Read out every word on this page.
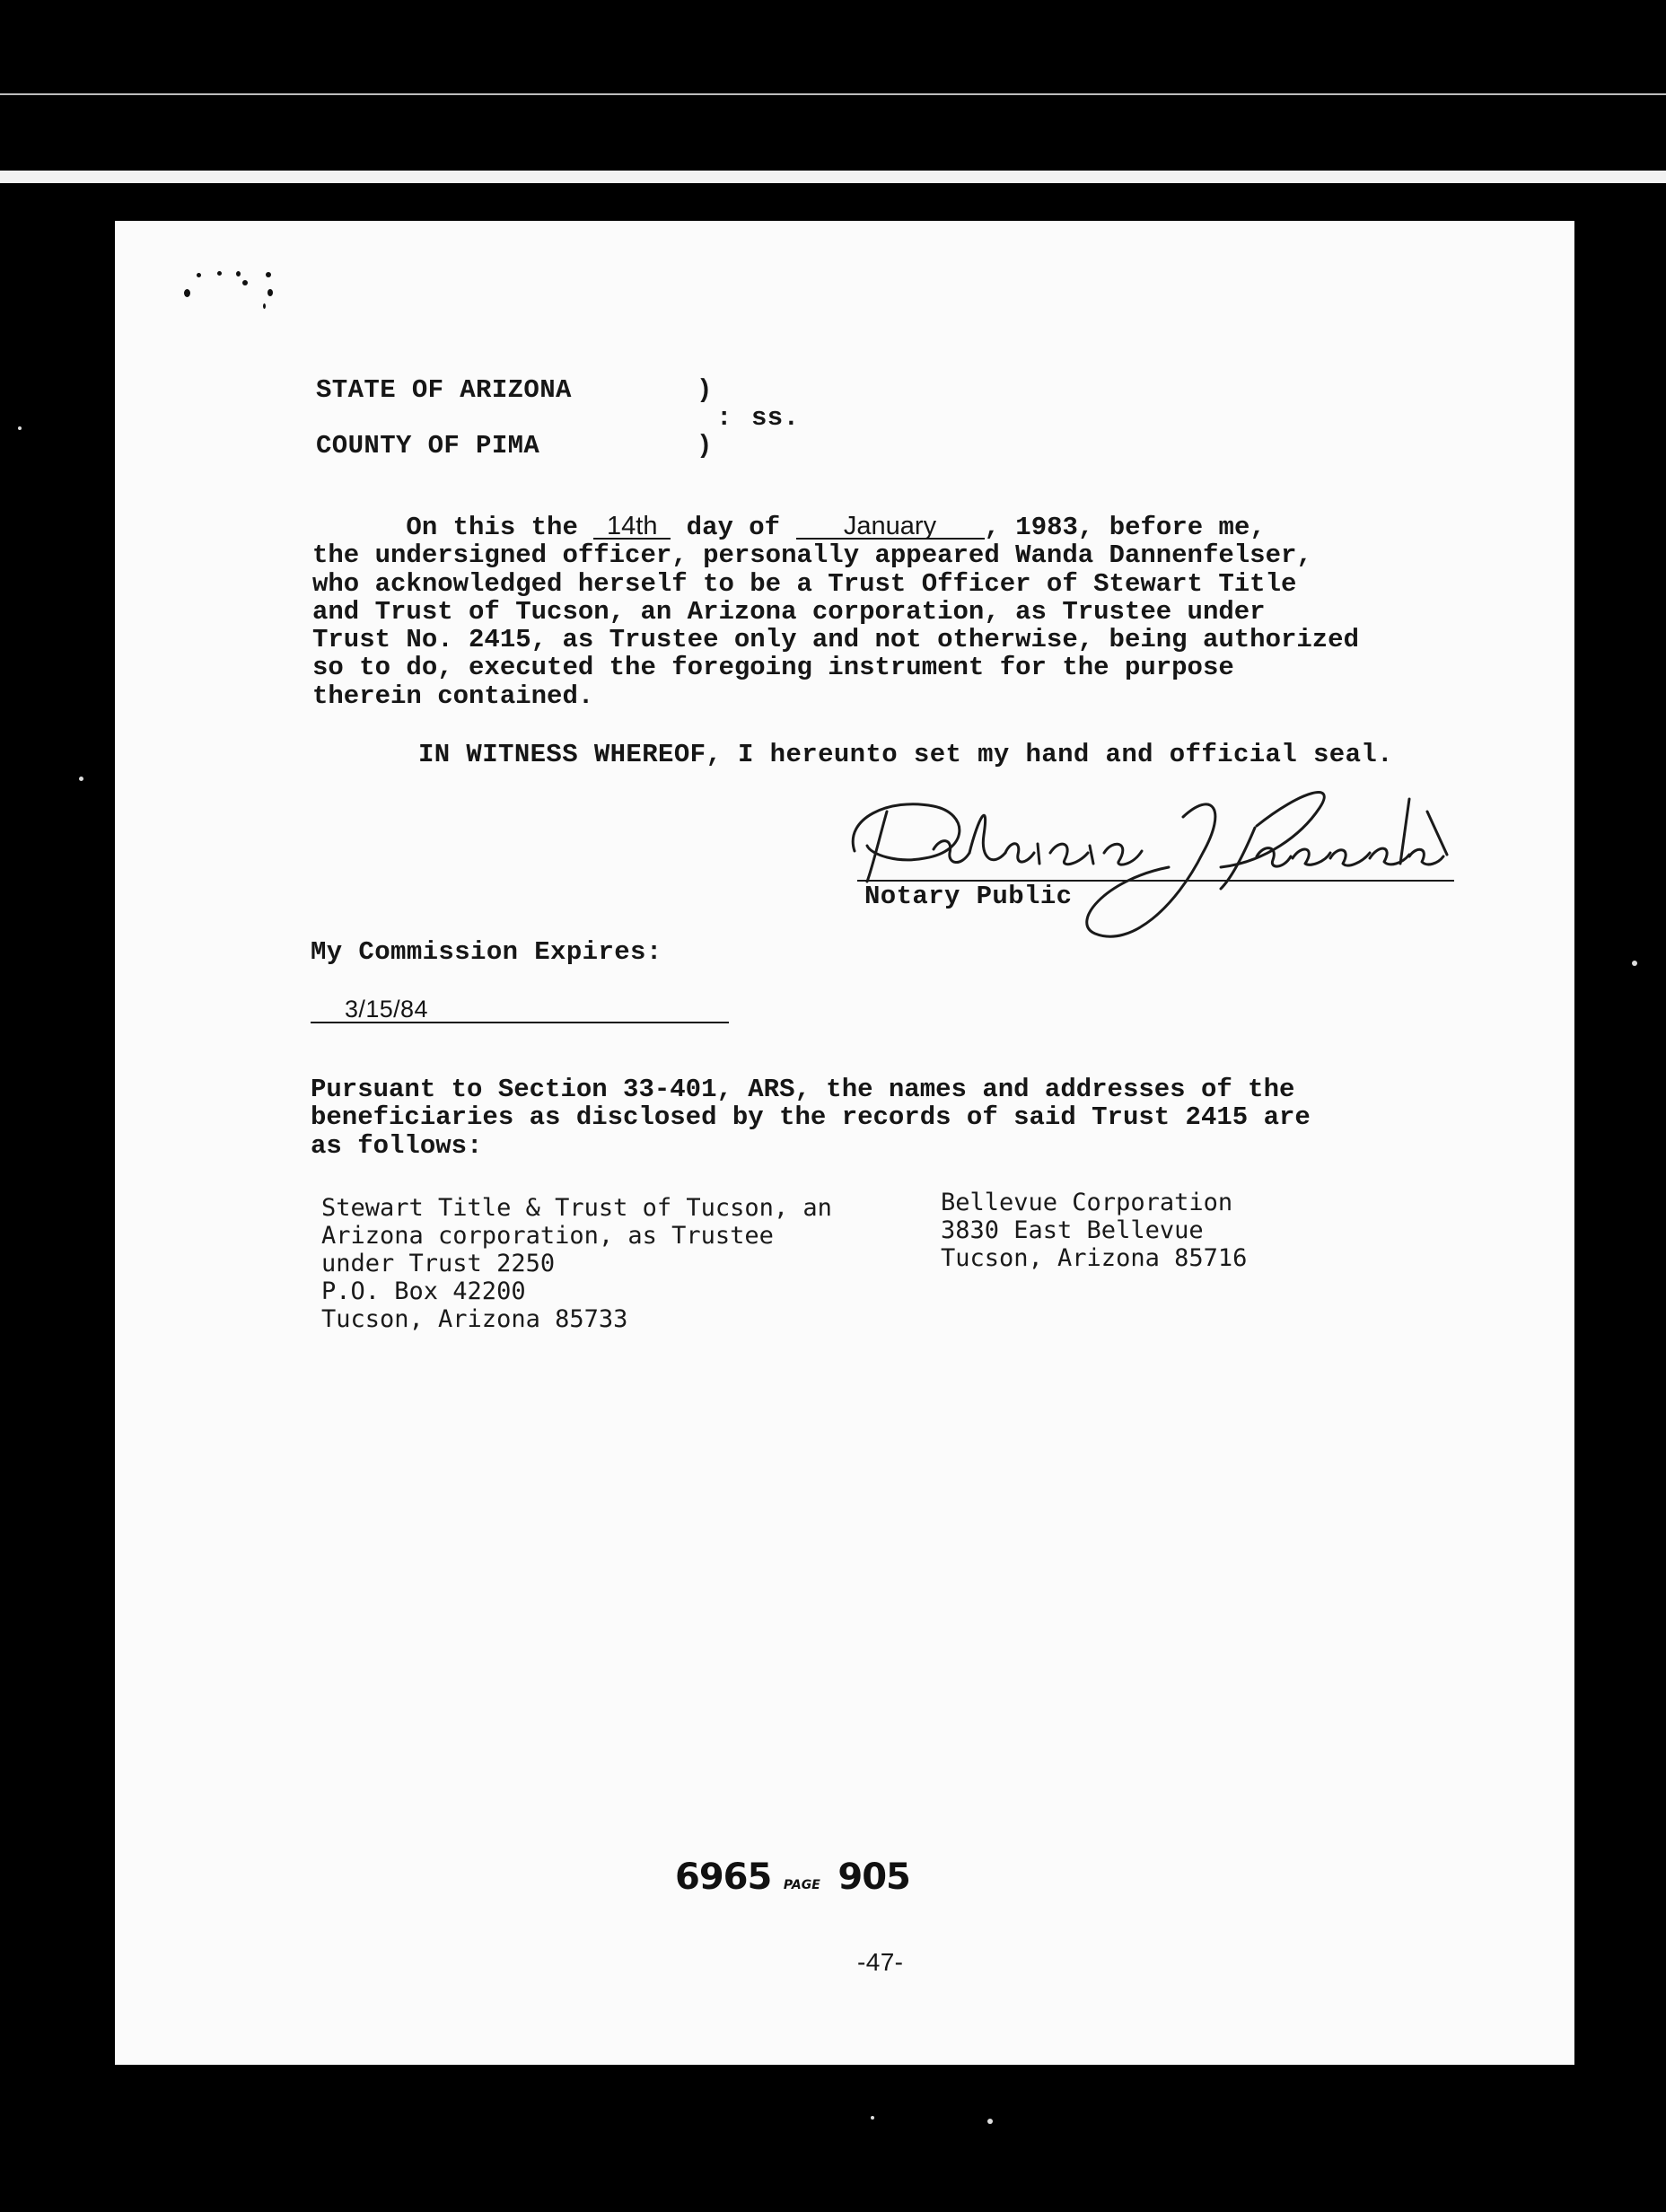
STATE OF ARIZONA

COUNTY OF PIMA

)

: ss.

)

On this the 14th day of January , 1983, before me,
the undersigned officer, personally appeared Wanda Dannenfelser,
who acknowledged herself to be a Trust Officer of Stewart Title
and Trust of Tucson, an Arizona corporation, as Trustee under
Trust No. 2415, as Trustee only and not otherwise, being authorized
so to do, executed the foregoing instrument for the purpose
therein contained.

IN WITNESS WHEREOF, I hereunto set my hand and official seal.

Notary Public

My Commission Expires:

3/15/84

Pursuant to Section 33-401, ARS, the names and addresses of the
beneficiaries as disclosed by the records of said Trust 2415 are
as follows:
Stewart Title & Trust of Tucson, an
Arizona corporation, as Trustee
under Trust 2250
P.O. Box 42200
Tucson, Arizona 85733
Bellevue Corporation
3830 East Bellevue
Tucson, Arizona 85716
6965 PAGE 905

-47-
